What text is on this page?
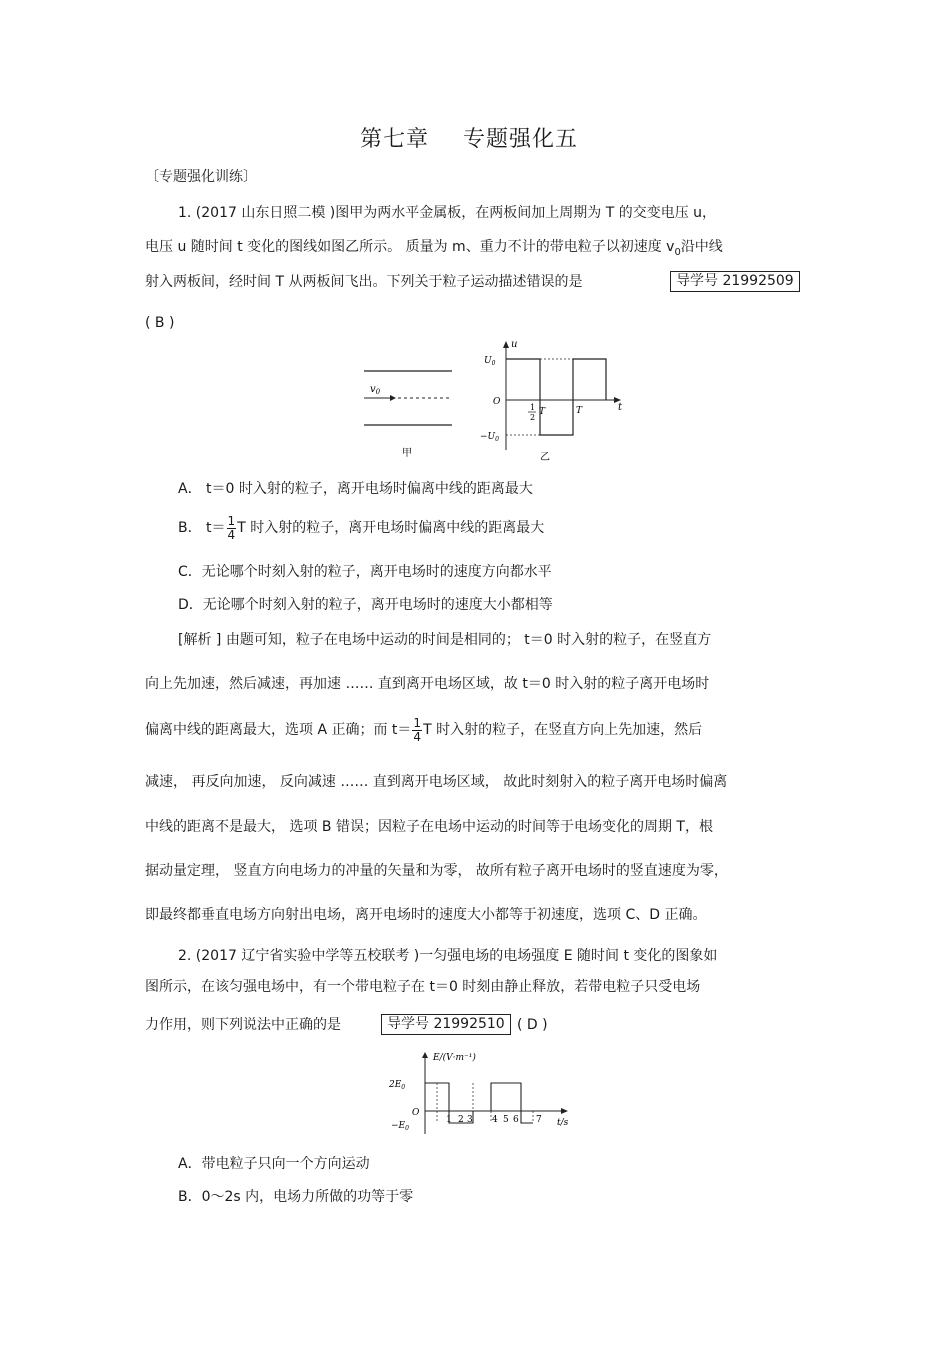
第七章 专题强化五
〔专题强化训练〕
1. (2017 山东日照二模 )图甲为两水平金属板，在两板间加上周期为 T 的交变电压 u，
电压 u 随时间 t 变化的图线如图乙所示。 质量为 m、重力不计的带电粒子以初速度 $v_0$沿中线
射入两板间，经时间 T 从两板间飞出。下列关于粒子运动描述错误的是	导学号 21992509
( B )
$v_0$
甲
u
t
$U_0$
O
$-U_0$
1
2
T	T
乙
A． t＝0 时入射的粒子，离开电场时偏离中线的距离最大
B． $t= \frac{1}{4}$ T 时入射的粒子，离开电场时偏离中线的距离最大
C．无论哪个时刻入射的粒子，离开电场时的速度方向都水平
D．无论哪个时刻入射的粒子，离开电场时的速度大小都相等
[解析 ] 由题可知，粒子在电场中运动的时间是相同的； t＝0 时入射的粒子，在竖直方
向上先加速，然后减速，再加速 …… 直到离开电场区域，故 t＝0 时入射的粒子离开电场时
偏离中线的距离最大，选项 A 正确；而 $t= \frac{1}{4}$ T 时入射的粒子，在竖直方向上先加速，然后
减速， 再反向加速， 反向减速 …… 直到离开电场区域， 故此时刻射入的粒子离开电场时偏离
中线的距离不是最大， 选项 B 错误；因粒子在电场中运动的时间等于电场变化的周期 T，根
据动量定理， 竖直方向电场力的冲量的矢量和为零， 故所有粒子离开电场时的竖直速度为零，
即最终都垂直电场方向射出电场，离开电场时的速度大小都等于初速度，选项 C、D 正确。
2. (2017 辽宁省实验中学等五校联考 )一匀强电场的电场强度 E 随时间 t 变化的图象如
图所示，在该匀强电场中，有一个带电粒子在 t＝0 时刻由静止释放，若带电粒子只受电场
力作用，则下列说法中正确的是	导学号 21992510 ( D )
E/(V·m⁻¹)
t/s
$2E_0$
O
$-E_0$
1 2 3 4 5 6 7
A．带电粒子只向一个方向运动
B．0～2s 内，电场力所做的功等于零
